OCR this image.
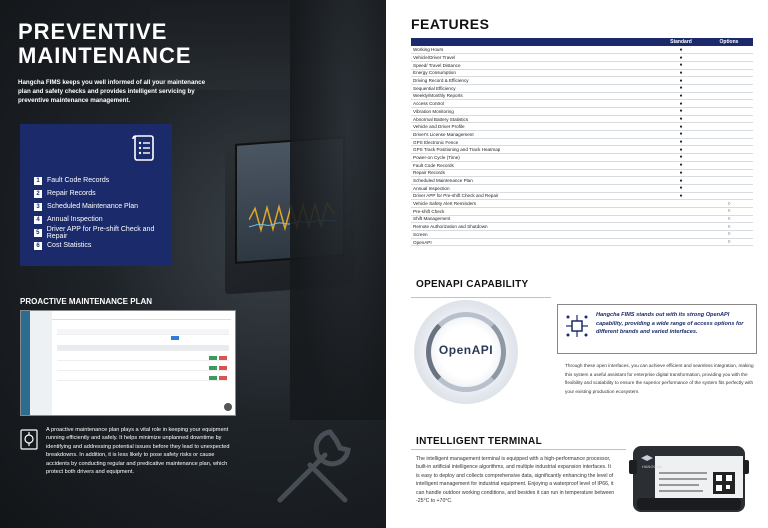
PREVENTIVE
MAINTENANCE
Hangcha FIMS keeps you well informed of all your maintenance plan and safety checks and provides intelligent servicing by preventive maintenance management.
1	Fault Code Records
2	Repair Records
3	Scheduled Maintenance Plan
4	Annual Inspection
5	Driver APP for Pre-shift Check and Repair
6	Cost Statistics
PROACTIVE MAINTENANCE PLAN
A proactive maintenance plan plays a vital role in keeping your equipment running efficiently and safely. It helps minimize unplanned downtime by identifying and addressing potential issues before they lead to unexpected breakdowns. In addition, it is less likely to pose safety risks or cause accidents by conducting regular and predicative maintenance plan, which protect both drivers and equipment.
FEATURES
	Standard	Options
Working Hours	●	
Vehicle/Driver Travel	●	
Speed/ Travel Distance	●	
Energy Consumption	●	
Driving Record & Efficiency	●	
Sequential Efficiency	●	
Weekly/Monthly Reports	●	
Access Control	●	
Vibration Monitoring	●	
Abnormal Battery Statistics	●	
Vehicle and Driver Profile	●	
Driver's License Management	●	
GPS Electronic Fence	●	
GPS Track Positioning and Track Heatmap	●	
Power-on Cycle (Time)	●	
Fault Code Records	●	
Repair Records	●	
Scheduled Maintenance Plan	●	
Annual Inspection	●	
Driver APP for Pre-shift Check and Repair	●	
Vehicle Safety Alert Reminders		○
Pre-shift Check		○
Shift Management		○
Remote Authorization and Shutdown		○
Screen		○
OpenAPI		○
OPENAPI CAPABILITY
OpenAPI
Hangcha FIMS stands out with its strong OpenAPI capability, providing a wide range of access options for different brands and varied interfaces.
Through these open interfaces, you can achieve efficient and seamless integration, making this system a useful assistant for enterprise digital transformation, providing you with the flexibility and scalability to ensure the superior performance of the system fits perfectly with your existing production ecosystem.
INTELLIGENT TERMINAL
The intelligent management terminal is equipped with a high-performance processor, built-in artificial intelligence algorithms, and multiple industrial expansion interfaces. It is easy to deploy and collects comprehensive data, significantly enhancing the level of intelligent management for industrial equipment. Enjoying a waterproof level of IP66, it can handle outdoor working conditions, and besides it can run in temperature between -25°C to +70°C.
HANGCHA
